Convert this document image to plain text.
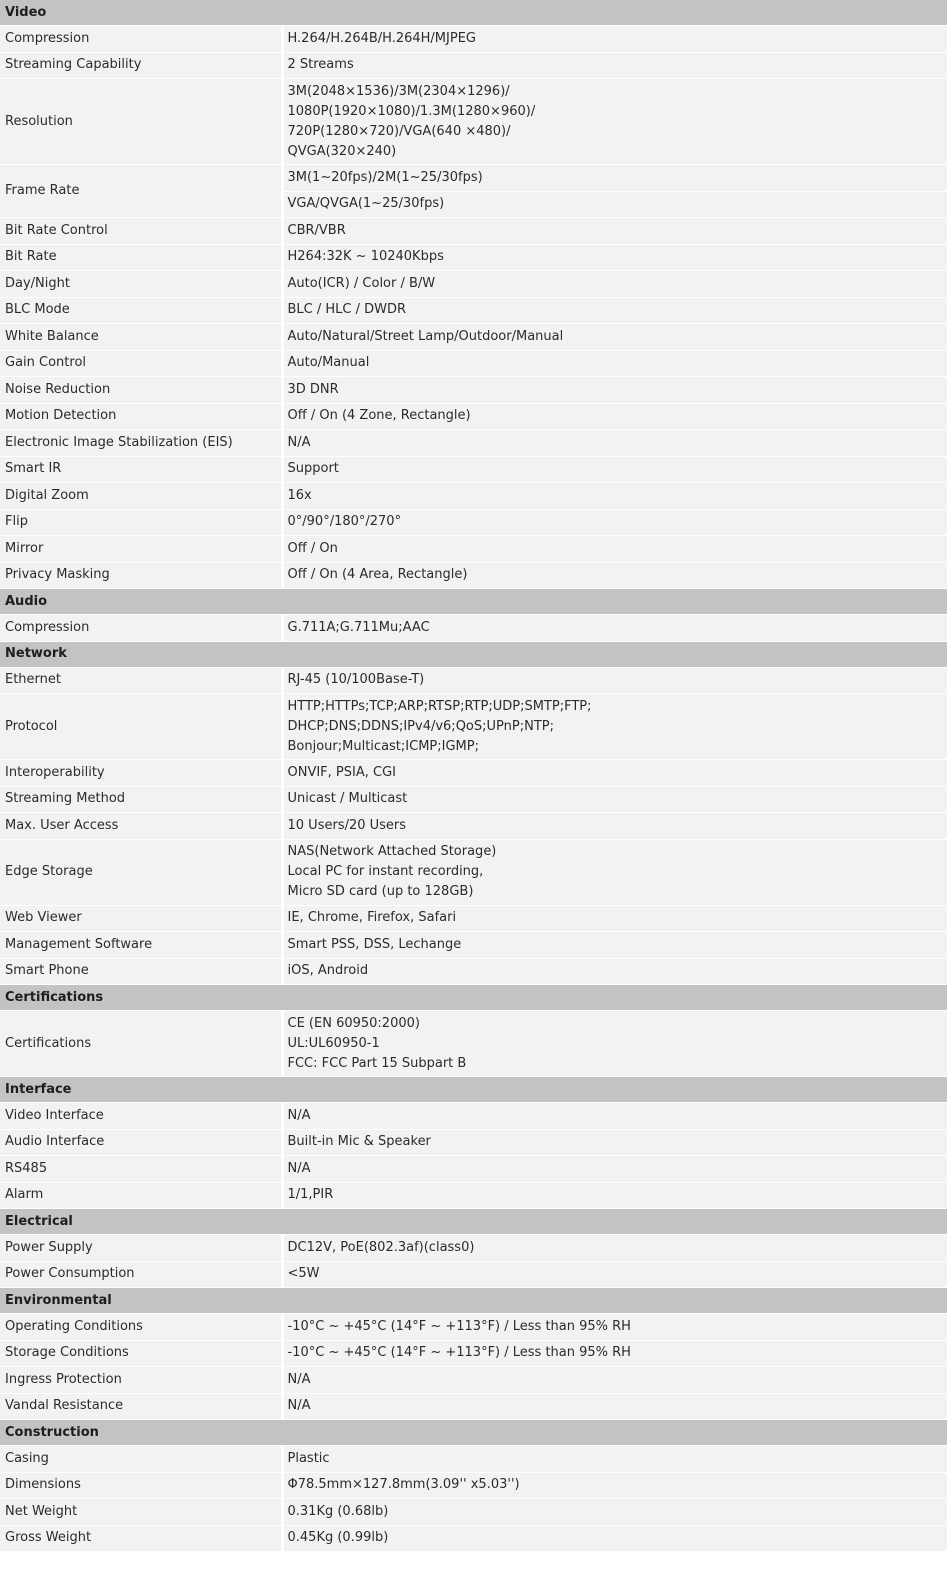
Video	
Compression	H.264/H.264B/H.264H/MJPEG

Streaming Capability	2 Streams

Resolution	3M(2048×1536)/3M(2304×1296)/
1080P(1920×1080)/1.3M(1280×960)/
720P(1280×720)/VGA(640 ×480)/
QVGA(320×240)

Frame Rate	3M(1~20fps)/2M(1~25/30fps)
	VGA/QVGA(1~25/30fps)
Bit Rate Control	CBR/VBR

Bit Rate	H264:32K ~ 10240Kbps

Day/Night	Auto(ICR) / Color / B/W

BLC Mode	BLC / HLC / DWDR

White Balance	Auto/Natural/Street Lamp/Outdoor/Manual

Gain Control	Auto/Manual

Noise Reduction	3D DNR

Motion Detection	Off / On (4 Zone, Rectangle)

Electronic Image Stabilization (EIS)	N/A

Smart IR	Support

Digital Zoom	16x

Flip	0°/90°/180°/270°

Mirror	Off / On

Privacy Masking	Off / On (4 Area, Rectangle)

Audio	
Compression	G.711A;G.711Mu;AAC

Network	
Ethernet	RJ-45 (10/100Base-T)

Protocol	HTTP;HTTPs;TCP;ARP;RTSP;RTP;UDP;SMTP;FTP;
DHCP;DNS;DDNS;IPv4/v6;QoS;UPnP;NTP;
Bonjour;Multicast;ICMP;IGMP;

Interoperability	ONVIF, PSIA, CGI

Streaming Method	Unicast / Multicast

Max. User Access	10 Users/20 Users

Edge Storage	NAS(Network Attached Storage)
Local PC for instant recording,
Micro SD card (up to 128GB)

Web Viewer	IE, Chrome, Firefox, Safari

Management Software	Smart PSS, DSS, Lechange

Smart Phone	iOS, Android

Certifications	
Certifications	CE (EN 60950:2000)
UL:UL60950-1
FCC: FCC Part 15 Subpart B

Interface	
Video Interface	N/A

Audio Interface	Built-in Mic & Speaker

RS485	N/A

Alarm	1/1,PIR

Electrical	
Power Supply	DC12V, PoE(802.3af)(class0)

Power Consumption	<5W

Environmental	
Operating Conditions	-10°C ~ +45°C (14°F ~ +113°F) / Less than 95% RH

Storage Conditions	-10°C ~ +45°C (14°F ~ +113°F) / Less than 95% RH

Ingress Protection	N/A

Vandal Resistance	N/A

Construction	
Casing	Plastic

Dimensions	Φ78.5mm×127.8mm(3.09'' x5.03'')

Net Weight	0.31Kg (0.68lb)

Gross Weight	0.45Kg (0.99lb)
